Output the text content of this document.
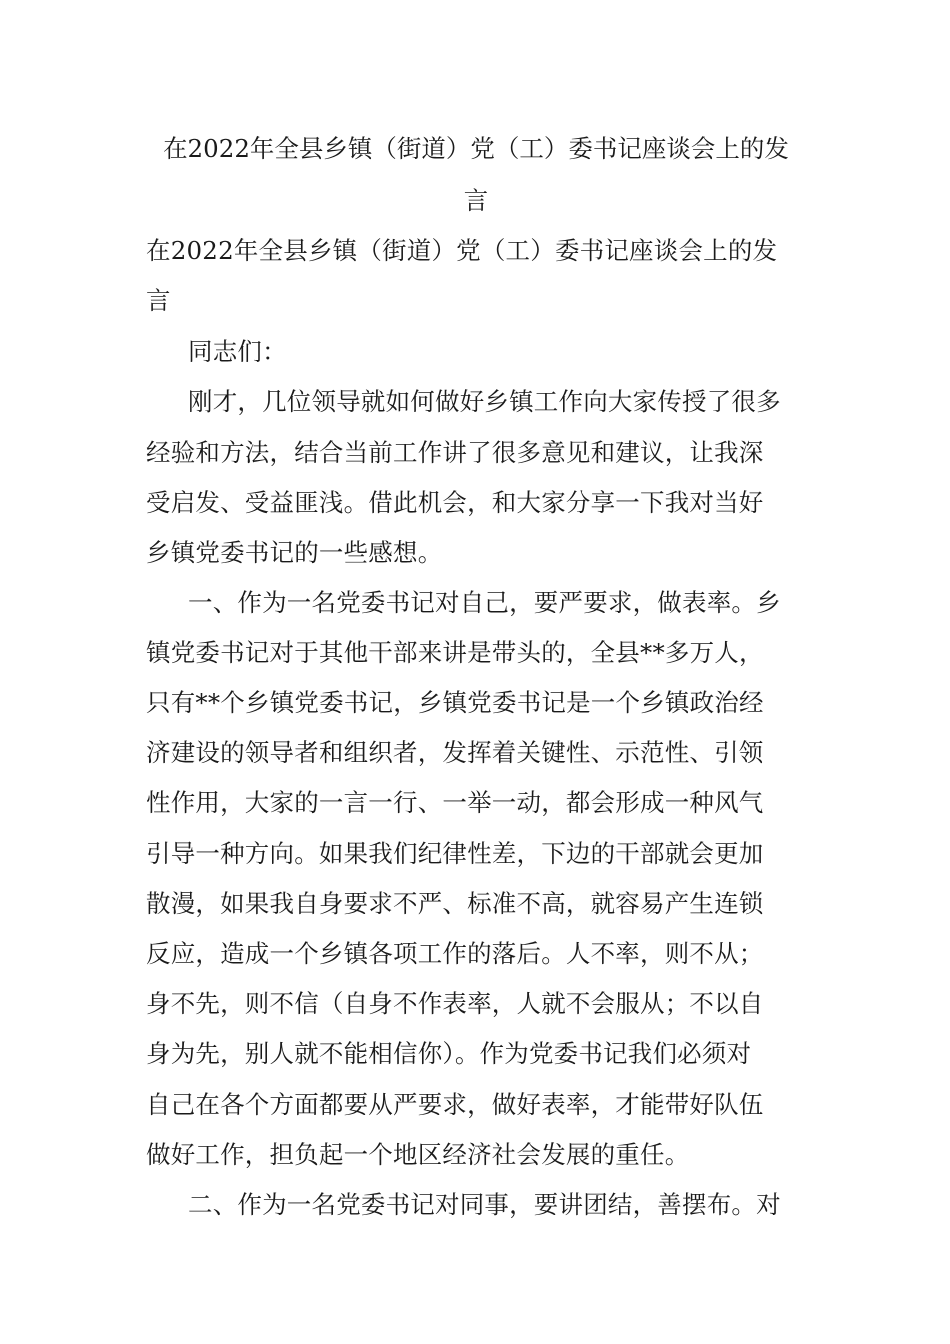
在2022年全县乡镇（街道）党（工）委书记座谈会上的发
言
在2022年全县乡镇（街道）党（工）委书记座谈会上的发
言
同志们：
刚才，几位领导就如何做好乡镇工作向大家传授了很多
经验和方法，结合当前工作讲了很多意见和建议，让我深
受启发、受益匪浅。借此机会，和大家分享一下我对当好
乡镇党委书记的一些感想。
一、作为一名党委书记对自己，要严要求，做表率。乡
镇党委书记对于其他干部来讲是带头的，全县**多万人，
只有**个乡镇党委书记，乡镇党委书记是一个乡镇政治经
济建设的领导者和组织者，发挥着关键性、示范性、引领
性作用，大家的一言一行、一举一动，都会形成一种风气
引导一种方向。如果我们纪律性差，下边的干部就会更加
散漫，如果我自身要求不严、标准不高，就容易产生连锁
反应，造成一个乡镇各项工作的落后。人不率，则不从；
身不先，则不信（自身不作表率，人就不会服从；不以自
身为先，别人就不能相信你）。作为党委书记我们必须对
自己在各个方面都要从严要求，做好表率，才能带好队伍
做好工作，担负起一个地区经济社会发展的重任。
二、作为一名党委书记对同事，要讲团结，善摆布。对
